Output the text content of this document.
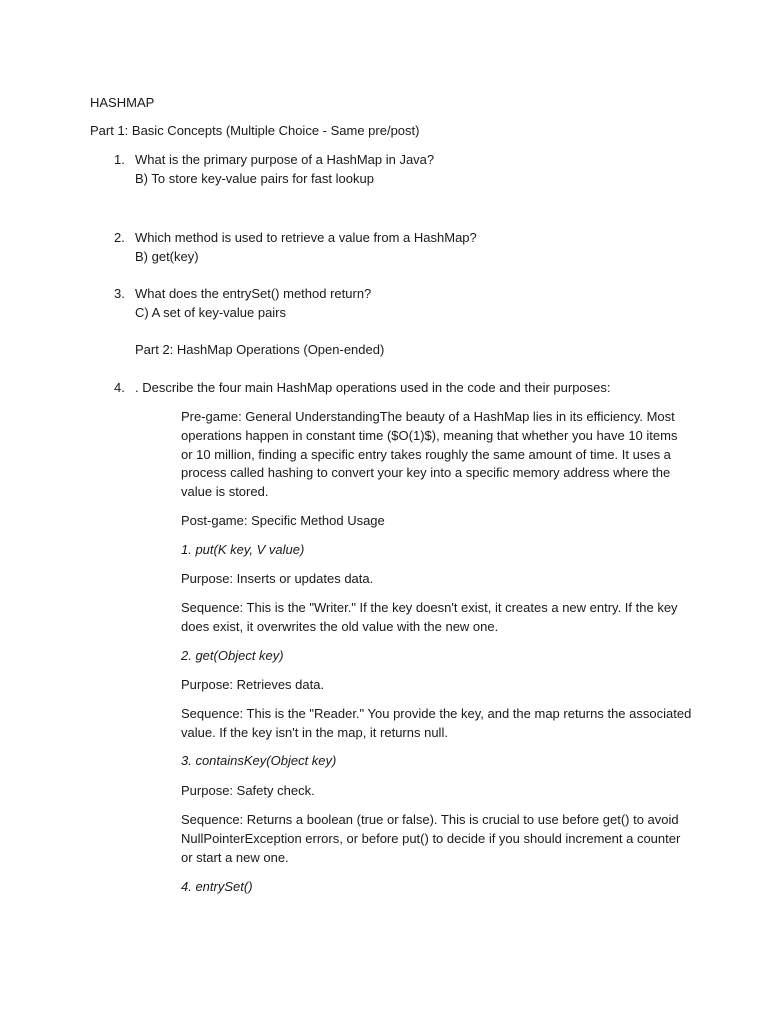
HASHMAP
Part 1: Basic Concepts (Multiple Choice - Same pre/post)
1. What is the primary purpose of a HashMap in Java?
B) To store key-value pairs for fast lookup
2. Which method is used to retrieve a value from a HashMap?
B) get(key)
3. What does the entrySet() method return?
C) A set of key-value pairs
Part 2: HashMap Operations (Open-ended)
4. . Describe the four main HashMap operations used in the code and their purposes:
Pre-game: General UnderstandingThe beauty of a HashMap lies in its efficiency. Most
operations happen in constant time ($O(1)$), meaning that whether you have 10 items
or 10 million, finding a specific entry takes roughly the same amount of time. It uses a
process called hashing to convert your key into a specific memory address where the
value is stored.
Post-game: Specific Method Usage
1. put(K key, V value)
Purpose: Inserts or updates data.
Sequence: This is the "Writer." If the key doesn't exist, it creates a new entry. If the key
does exist, it overwrites the old value with the new one.
2. get(Object key)
Purpose: Retrieves data.
Sequence: This is the "Reader." You provide the key, and the map returns the associated
value. If the key isn't in the map, it returns null.
3. containsKey(Object key)
Purpose: Safety check.
Sequence: Returns a boolean (true or false). This is crucial to use before get() to avoid
NullPointerException errors, or before put() to decide if you should increment a counter
or start a new one.
4. entrySet()
